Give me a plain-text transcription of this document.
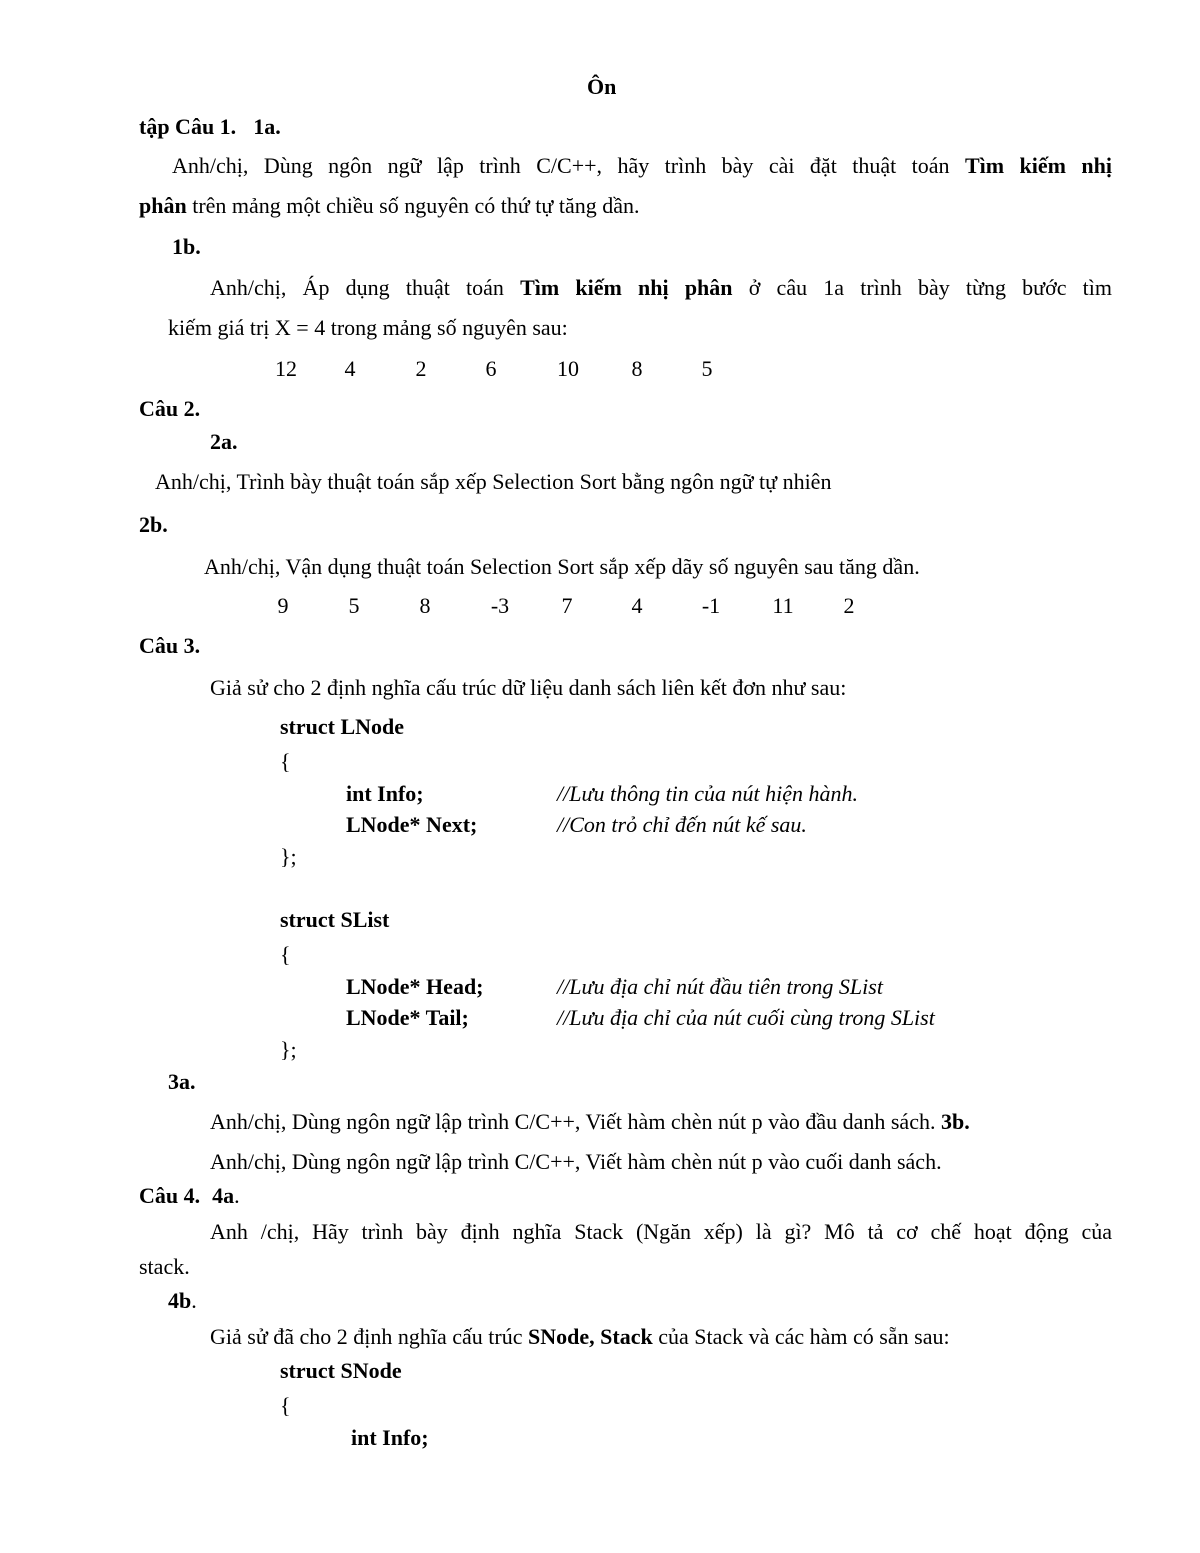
Ôn
tập Câu 1. 1a.
Anh/chị, Dùng ngôn ngữ lập trình C/C++, hãy trình bày cài đặt thuật toán Tìm kiếm nhị
phân trên mảng một chiều số nguyên có thứ tự tăng dần.
1b.
Anh/chị, Áp dụng thuật toán Tìm kiếm nhị phân ở câu 1a trình bày từng bước tìm
kiếm giá trị X = 4 trong mảng số nguyên sau:
12	4	2	6	10	8	5
Câu 2.
2a.
Anh/chị, Trình bày thuật toán sắp xếp Selection Sort bằng ngôn ngữ tự nhiên
2b.
Anh/chị, Vận dụng thuật toán Selection Sort sắp xếp dãy số nguyên sau tăng dần.
9	5	8	-3	7	4	-1	11	2
Câu 3.
Giả sử cho 2 định nghĩa cấu trúc dữ liệu danh sách liên kết đơn như sau:
struct LNode
{
int Info;	//Lưu thông tin của nút hiện hành.
LNode* Next;	//Con trỏ chỉ đến nút kế sau.
};
struct SList
{
LNode* Head;	//Lưu địa chỉ nút đầu tiên trong SList
LNode* Tail;	//Lưu địa chỉ của nút cuối cùng trong SList
};
3a.
Anh/chị, Dùng ngôn ngữ lập trình C/C++, Viết hàm chèn nút p vào đầu danh sách. 3b.
Anh/chị, Dùng ngôn ngữ lập trình C/C++, Viết hàm chèn nút p vào cuối danh sách.
Câu 4. 4a.
Anh /chị, Hãy trình bày định nghĩa Stack (Ngăn xếp) là gì? Mô tả cơ chế hoạt động của
stack.
4b.
Giả sử đã cho 2 định nghĩa cấu trúc SNode, Stack của Stack và các hàm có sẵn sau:
struct SNode
{
int Info;
